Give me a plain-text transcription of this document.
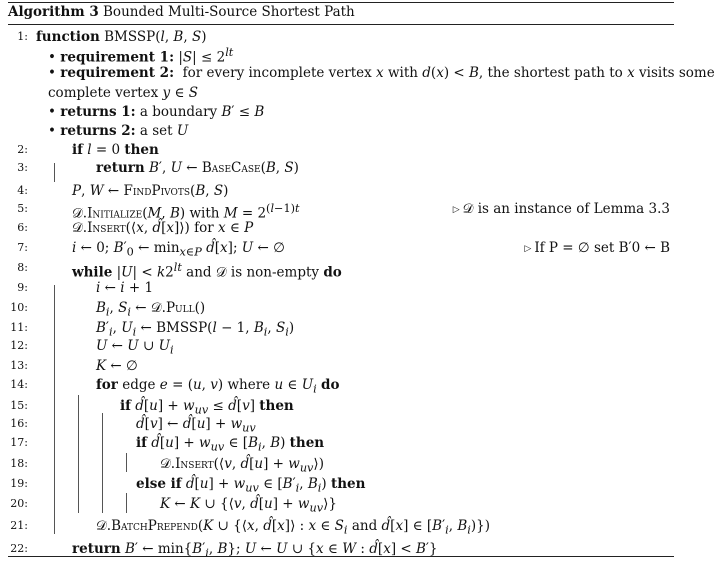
Algorithm 3 Bounded Multi-Source Shortest Path
1: function BMSSP(l, B, S)
• requirement 1: $|S| \le 2^{lt}$
• requirement 2:  for every incomplete vertex x with d(x) < B, the shortest path to x visits some
complete vertex y ∈ S
• returns 1: a boundary B′ ≤ B
• returns 2: a set U
2:	if l = 0 then
3:	return B′, U ← BaseCase(B, S)
4:	P, W ← FindPivots(B, S)
5:	𝒟.Initialize(M, B) with $M = 2^{(l-1)t}$	▷ 𝒟 is an instance of Lemma 3.3
6:	𝒟.Insert(⟨x, d̂[x]⟩) for x ∈ P
7:	i ← 0; $B'_0$ ← $\min_{x\in P}$ d̂[x]; U ← ∅	▷ If P = ∅ set B′0 ← B
8:	while $|U| < k2^{lt}$ and 𝒟 is non-empty do
9:	i ← i + 1
10:	$B_i$, $S_i$ ← 𝒟.Pull()
11:	$B'_i$, $U_i$ ← BMSSP(l − 1, $B_i$, $S_i$)
12:	U ← U ∪ $U_i$
13:	K ← ∅
14:	for edge e = (u, v) where u ∈ $U_i$ do
15:	if d̂[u] + $w_{uv}$ ≤ d̂[v] then
16:	d̂[v] ← d̂[u] + $w_{uv}$
17:	if d̂[u] + $w_{uv}$ ∈ [$B_i$, B) then
18:	𝒟.Insert(⟨v, d̂[u] + $w_{uv}⟩$)
19:	else if d̂[u] + $w_{uv}$ ∈ [$B'_i$, $B_i$) then
20:	K ← K ∪ {⟨v, d̂[u] + $w_{uv}⟩$}
21:	𝒟.BatchPrepend(K ∪ {⟨x, d̂[x]⟩ : x ∈ $S_i$ and d̂[x] ∈ [$B'_i$, $B_i$)})
22:	return B′ ← $\min\{B'_i$, B}; U ← U ∪ {x ∈ W : d̂[x] < B′}
